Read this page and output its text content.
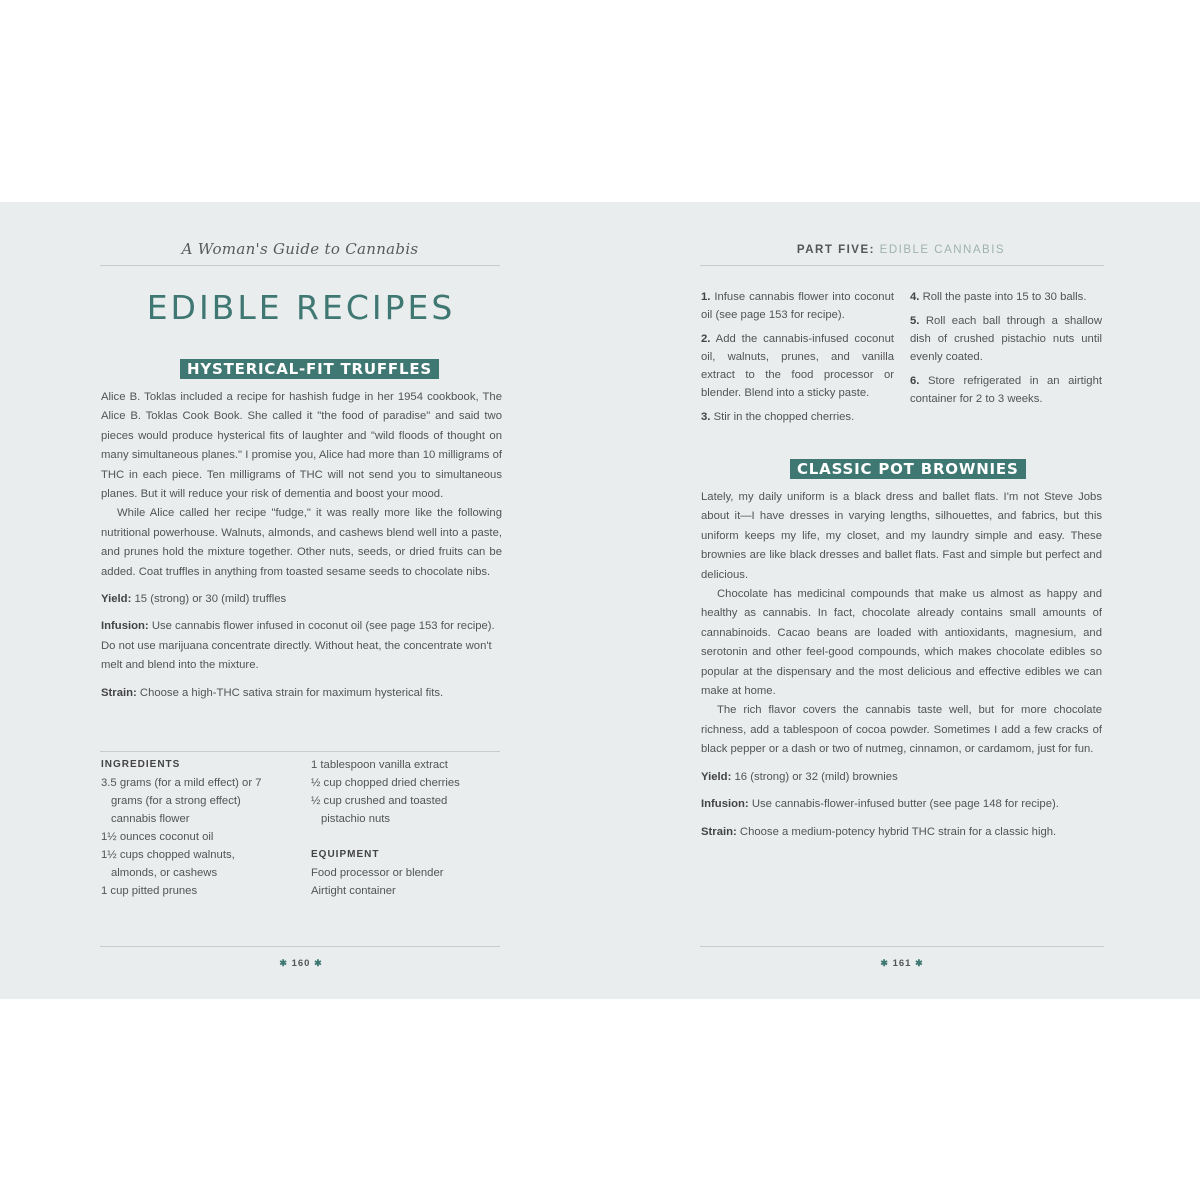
A Woman's Guide to Cannabis
EDIBLE RECIPES
HYSTERICAL-FIT TRUFFLES

Alice B. Toklas included a recipe for hashish fudge in her 1954 cookbook, The Alice B. Toklas Cook Book. She called it "the food of paradise" and said two pieces would produce hysterical fits of laughter and "wild floods of thought on many simultaneous planes." I promise you, Alice had more than 10 milligrams of THC in each piece. Ten milligrams of THC will not send you to simultaneous planes. But it will reduce your risk of dementia and boost your mood.

While Alice called her recipe "fudge," it was really more like the following nutritional powerhouse. Walnuts, almonds, and cashews blend well into a paste, and prunes hold the mixture together. Other nuts, seeds, or dried fruits can be added. Coat truffles in anything from toasted sesame seeds to chocolate nibs.

Yield: 15 (strong) or 30 (mild) truffles

Infusion: Use cannabis flower infused in coconut oil (see page 153 for recipe). Do not use marijuana concentrate directly. Without heat, the concentrate won't melt and blend into the mixture.

Strain: Choose a high-THC sativa strain for maximum hysterical fits.

INGREDIENTS

3.5 grams (for a mild effect) or 7 grams (for a strong effect) cannabis flower

1½ ounces coconut oil

1½ cups chopped walnuts, almonds, or cashews

1 cup pitted prunes

1 tablespoon vanilla extract

½ cup chopped dried cherries

½ cup crushed and toasted pistachio nuts

EQUIPMENT

Food processor or blender

Airtight container

✱ 160 ✱
PART FIVE: EDIBLE CANNABIS

1. Infuse cannabis flower into coconut oil (see page 153 for recipe).

2. Add the cannabis-infused coconut oil, walnuts, prunes, and vanilla extract to the food processor or blender. Blend into a sticky paste.

3. Stir in the chopped cherries.

4. Roll the paste into 15 to 30 balls.

5. Roll each ball through a shallow dish of crushed pistachio nuts until evenly coated.

6. Store refrigerated in an airtight container for 2 to 3 weeks.

CLASSIC POT BROWNIES

Lately, my daily uniform is a black dress and ballet flats. I'm not Steve Jobs about it—I have dresses in varying lengths, silhouettes, and fabrics, but this uniform keeps my life, my closet, and my laundry simple and easy. These brownies are like black dresses and ballet flats. Fast and simple but perfect and delicious.

Chocolate has medicinal compounds that make us almost as happy and healthy as cannabis. In fact, chocolate already contains small amounts of cannabinoids. Cacao beans are loaded with antioxidants, magnesium, and serotonin and other feel-good compounds, which makes chocolate edibles so popular at the dispensary and the most delicious and effective edibles we can make at home.

The rich flavor covers the cannabis taste well, but for more chocolate richness, add a tablespoon of cocoa powder. Sometimes I add a few cracks of black pepper or a dash or two of nutmeg, cinnamon, or cardamom, just for fun.

Yield: 16 (strong) or 32 (mild) brownies

Infusion: Use cannabis-flower-infused butter (see page 148 for recipe).

Strain: Choose a medium-potency hybrid THC strain for a classic high.

✱ 161 ✱
